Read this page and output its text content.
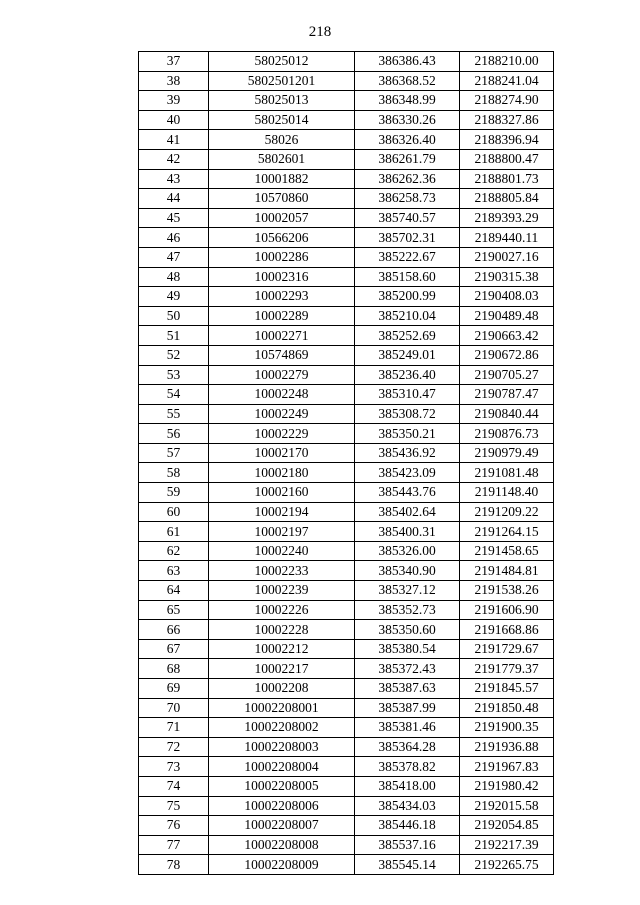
218
37	58025012	386386.43	2188210.00
38	5802501201	386368.52	2188241.04
39	58025013	386348.99	2188274.90
40	58025014	386330.26	2188327.86
41	58026	386326.40	2188396.94
42	5802601	386261.79	2188800.47
43	10001882	386262.36	2188801.73
44	10570860	386258.73	2188805.84
45	10002057	385740.57	2189393.29
46	10566206	385702.31	2189440.11
47	10002286	385222.67	2190027.16
48	10002316	385158.60	2190315.38
49	10002293	385200.99	2190408.03
50	10002289	385210.04	2190489.48
51	10002271	385252.69	2190663.42
52	10574869	385249.01	2190672.86
53	10002279	385236.40	2190705.27
54	10002248	385310.47	2190787.47
55	10002249	385308.72	2190840.44
56	10002229	385350.21	2190876.73
57	10002170	385436.92	2190979.49
58	10002180	385423.09	2191081.48
59	10002160	385443.76	2191148.40
60	10002194	385402.64	2191209.22
61	10002197	385400.31	2191264.15
62	10002240	385326.00	2191458.65
63	10002233	385340.90	2191484.81
64	10002239	385327.12	2191538.26
65	10002226	385352.73	2191606.90
66	10002228	385350.60	2191668.86
67	10002212	385380.54	2191729.67
68	10002217	385372.43	2191779.37
69	10002208	385387.63	2191845.57
70	10002208001	385387.99	2191850.48
71	10002208002	385381.46	2191900.35
72	10002208003	385364.28	2191936.88
73	10002208004	385378.82	2191967.83
74	10002208005	385418.00	2191980.42
75	10002208006	385434.03	2192015.58
76	10002208007	385446.18	2192054.85
77	10002208008	385537.16	2192217.39
78	10002208009	385545.14	2192265.75
